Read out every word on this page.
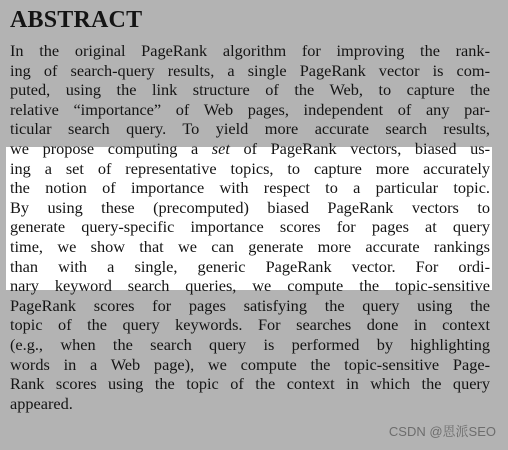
ABSTRACT
In the original PageRank algorithm for improving the rank-
ing of search-query results, a single PageRank vector is com-
puted, using the link structure of the Web, to capture the
relative “importance” of Web pages, independent of any par-
ticular search query. To yield more accurate search results,
we propose computing a set of PageRank vectors, biased us-
ing a set of representative topics, to capture more accurately
the notion of importance with respect to a particular topic.
By using these (precomputed) biased PageRank vectors to
generate query-specific importance scores for pages at query
time, we show that we can generate more accurate rankings
than with a single, generic PageRank vector. For ordi-
nary keyword search queries, we compute the topic-sensitive
PageRank scores for pages satisfying the query using the
topic of the query keywords. For searches done in context
(e.g., when the search query is performed by highlighting
words in a Web page), we compute the topic-sensitive Page-
Rank scores using the topic of the context in which the query
appeared.
CSDN @恩派SEO
